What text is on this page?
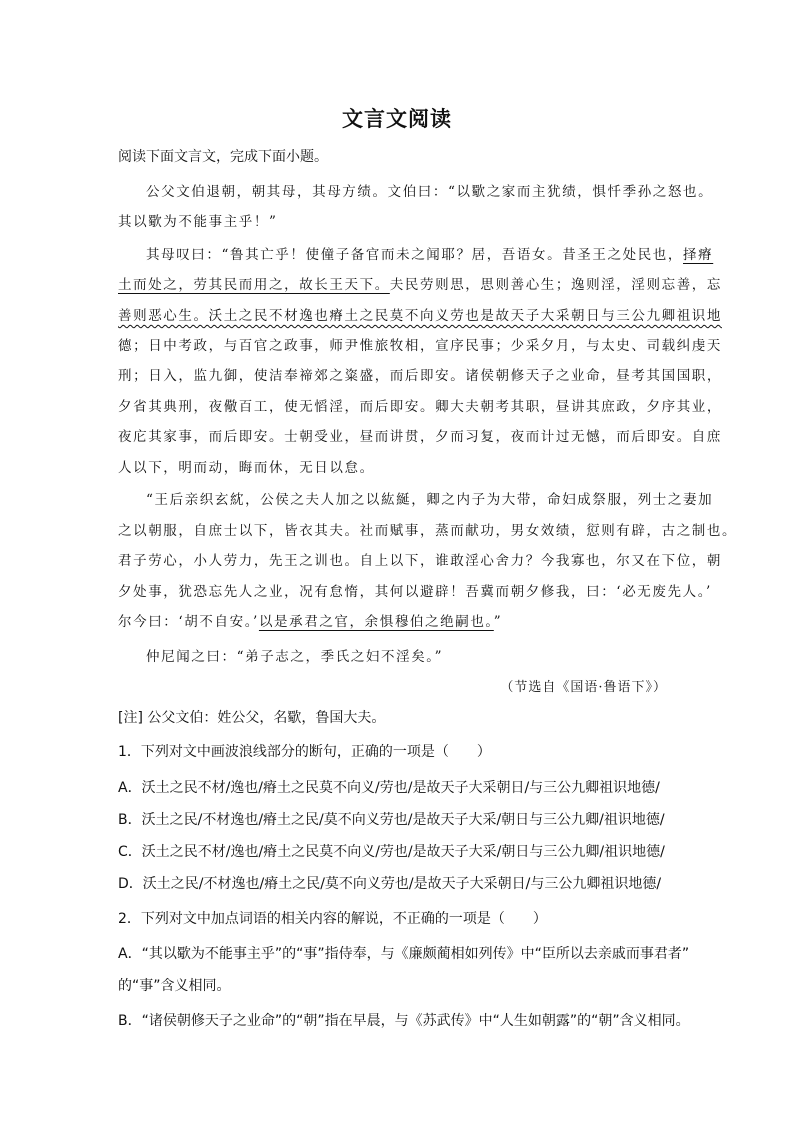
文言文阅读
阅读下面文言文，完成下面小题。
公父文伯退朝，朝其母，其母方绩。文伯曰：“以歜之家而主犹绩，惧忏季孙之怒也。
其以歜为不能事主乎！”
其母叹曰：“鲁其亡乎！使僮子备官而未之闻耶？居，吾语女。昔圣王之处民也，择瘠
土而处之，劳其民而用之，故长王天下。夫民劳则思，思则善心生；逸则淫，淫则忘善，忘
善则恶心生。沃土之民不材逸也瘠土之民莫不向义劳也是故天子大采朝日与三公九卿祖识地
德；日中考政，与百官之政事，师尹惟旅牧相，宣序民事；少采夕月，与太史、司载纠虔天
刑；日入，监九御，使洁奉禘郊之粢盛，而后即安。诸侯朝修天子之业命，昼考其国国职，
夕省其典刑，夜儆百工，使无慆淫，而后即安。卿大夫朝考其职，昼讲其庶政，夕序其业，
夜庀其家事，而后即安。士朝受业，昼而讲贯，夕而习复，夜而计过无憾，而后即安。自庶
人以下，明而动，晦而休，无日以怠。
“王后亲织玄紞，公侯之夫人加之以紘綖，卿之内子为大带，命妇成祭服，列士之妻加
之以朝服，自庶士以下，皆衣其夫。社而赋事，蒸而献功，男女效绩，愆则有辟，古之制也。
君子劳心，小人劳力，先王之训也。自上以下，谁敢淫心舍力？今我寡也，尔又在下位，朝
夕处事，犹恐忘先人之业，况有怠惰，其何以避辟！吾冀而朝夕修我，曰：‘必无废先人。’
尔今曰：‘胡不自安。’以是承君之官，余惧穆伯之绝嗣也。”
仲尼闻之曰：“弟子志之，季氏之妇不淫矣。”
（节选自《国语·鲁语下》）
[注] 公父文伯：姓公父，名歜，鲁国大夫。
1．下列对文中画波浪线部分的断句，正确的一项是（　　）
A．沃土之民不材/逸也/瘠土之民莫不向义/劳也/是故天子大采朝日/与三公九卿祖识地德/
B．沃土之民/不材逸也/瘠土之民/莫不向义劳也/是故天子大采/朝日与三公九卿/祖识地德/
C．沃土之民不材/逸也/瘠土之民莫不向义/劳也/是故天子大采/朝日与三公九卿/祖识地德/
D．沃土之民/不材逸也/瘠土之民/莫不向义劳也/是故天子大采朝日/与三公九卿祖识地德/
2．下列对文中加点词语的相关内容的解说，不正确的一项是（　　）
A．“其以歜为不能事主乎”的“事”指侍奉，与《廉颇蔺相如列传》中“臣所以去亲戚而事君者”
的“事”含义相同。
B．“诸侯朝修天子之业命”的“朝”指在早晨，与《苏武传》中“人生如朝露”的“朝”含义相同。
